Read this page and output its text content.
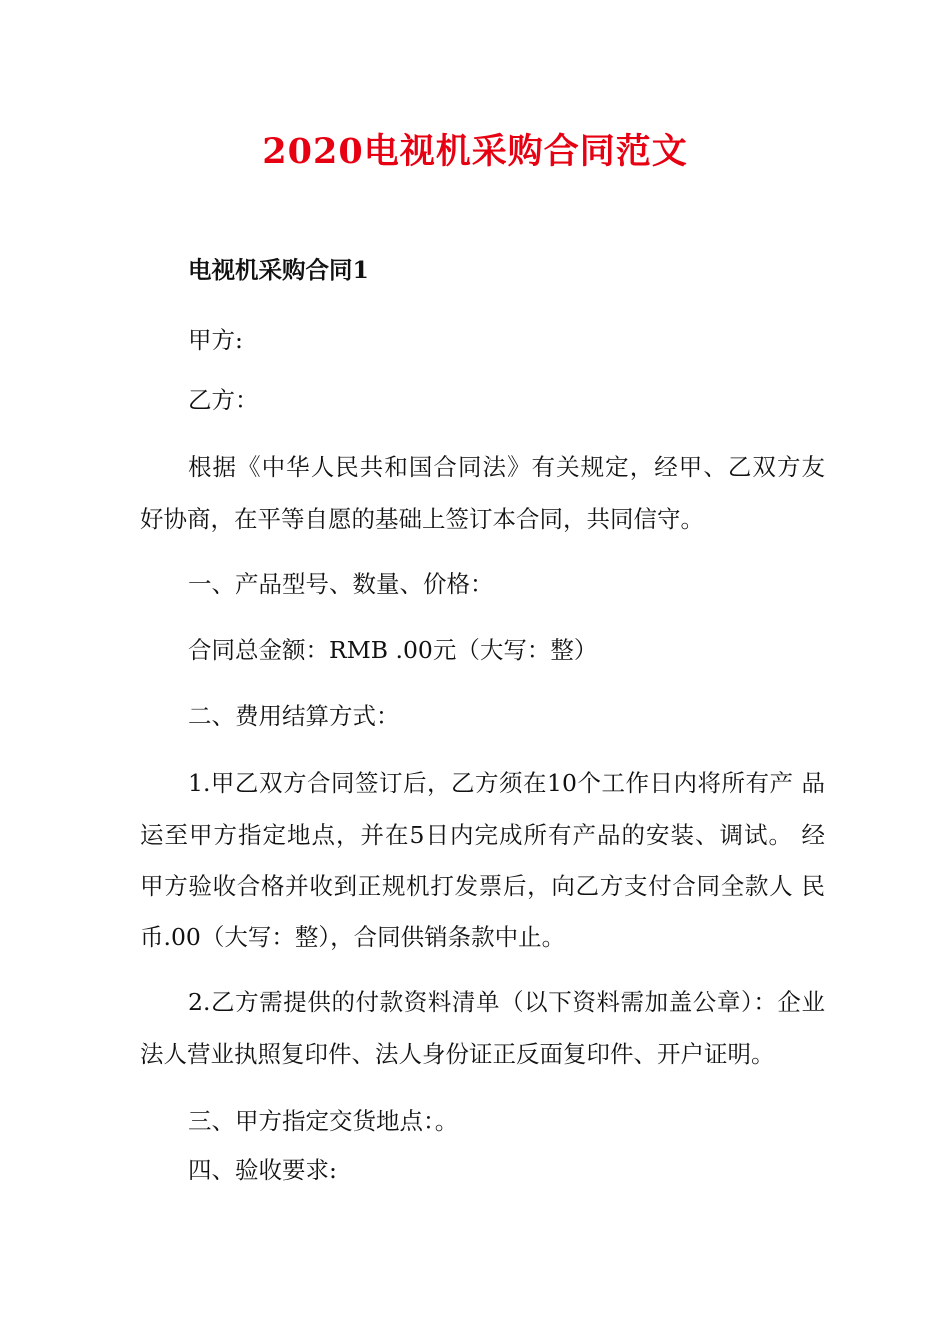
2020电视机采购合同范文
电视机采购合同1
甲方:
乙方：
根据《中华人民共和国合同法》有关规定，经甲、乙双方友
好协商，在平等自愿的基础上签订本合同，共同信守。
一、产品型号、数量、价格：
合同总金额：RMB .00元（大写：整）
二、费用结算方式：
1.甲乙双方合同签订后，乙方须在10个工作日内将所有产 品
运至甲方指定地点，并在5日内完成所有产品的安装、调试。 经
甲方验收合格并收到正规机打发票后，向乙方支付合同全款人 民
币.00（大写：整），合同供销条款中止。
2.乙方需提供的付款资料清单（以下资料需加盖公章）：企业
法人营业执照复印件、法人身份证正反面复印件、开户证明。
三、甲方指定交货地点：。
四、验收要求:
